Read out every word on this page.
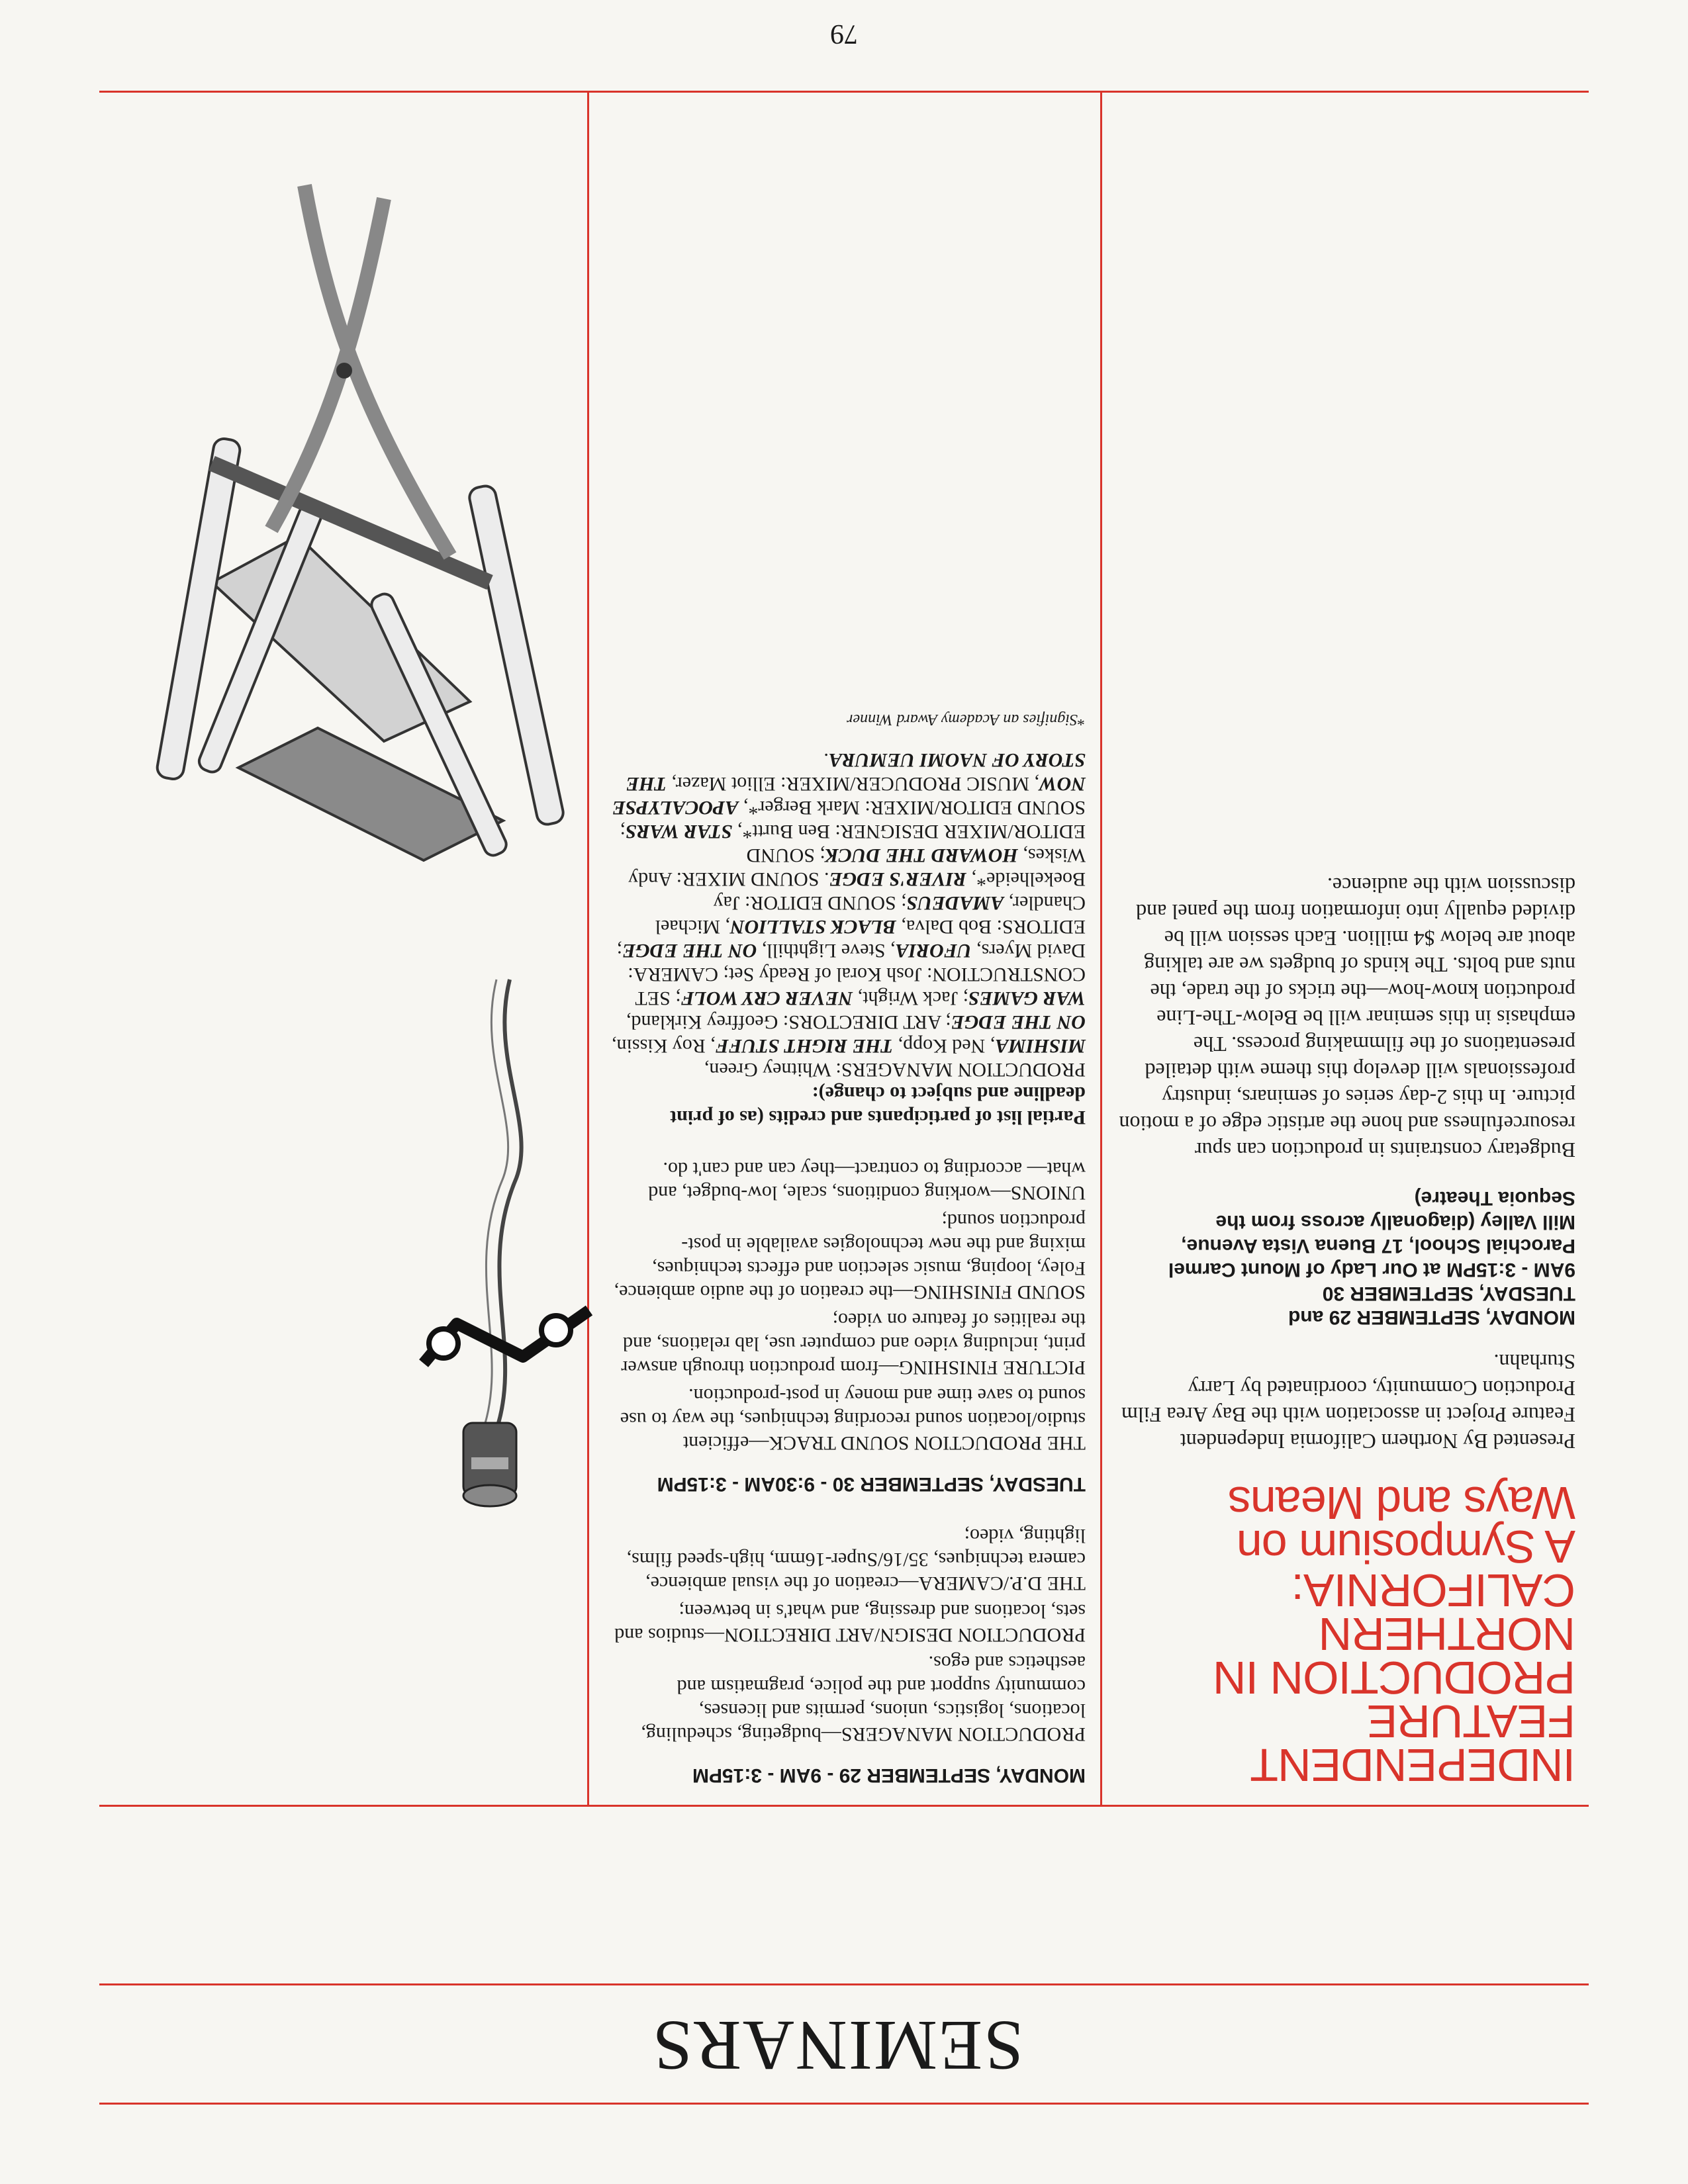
SEMINARS
INDEPENDENT FEATURE
PRODUCTION IN
NORTHERN CALIFORNIA:
A Symposium on
Ways and Means

Presented By Northern California Independent Feature Project in association with the Bay Area Film Production Community, coordinated by Larry Sturhahn.

MONDAY, SEPTEMBER 29 and
TUESDAY, SEPTEMBER 30
9AM - 3:15PM at Our Lady of Mount Carmel
Parochial School, 17 Buena Vista Avenue,
Mill Valley (diagonally across from the
Sequoia Theatre)

Budgetary constraints in production can spur resourcefulness and hone the artistic edge of a motion picture. In this 2-day series of seminars, industry professionals will develop this theme with detailed presentations of the filmmaking process. The emphasis in this seminar will be Below-The-Line production know-how—the tricks of the trade, the nuts and bolts. The kinds of budgets we are talking about are below $4 million. Each session will be divided equally into information from the panel and discussion with the audience.

MONDAY, SEPTEMBER 29 - 9AM - 3:15PM

PRODUCTION MANAGERS—budgeting, scheduling, locations, logistics, unions, permits and licenses, community support and the police, pragmatism and aesthetics and egos.

PRODUCTION DESIGN/ART DIRECTION—studios and sets, locations and dressing, and what's in between;

THE D.P./CAMERA—creation of the visual ambience, camera techniques, 35/16/Super-16mm, high-speed films, lighting, video;

TUESDAY, SEPTEMBER 30 - 9:30AM - 3:15PM

THE PRODUCTION SOUND TRACK—efficient studio/location sound recording techniques, the way to use sound to save time and money in post-production.

PICTURE FINISHING—from production through answer print, including video and computer use, lab relations, and the realities of feature on video;

SOUND FINISHING—the creation of the audio ambience, Foley, looping, music selection and effects techniques, mixing and the new technologies available in post-production sound;

UNIONS—working conditions, scale, low-budget, and what— according to contract—they can and can't do.

Partial list of participants and credits (as of print deadline and subject to change):

PRODUCTION MANAGERS: Whitney Green, MISHIMA, Ned Kopp, THE RIGHT STUFF, Roy Kissin, ON THE EDGE; ART DIRECTORS: Geoffrey Kirkland, WAR GAMES; Jack Wright, NEVER CRY WOLF; SET CONSTRUCTION: Josh Koral of Ready Set; CAMERA: David Myers, UFORIA, Steve Lighthill, ON THE EDGE; EDITORS: Bob Dalva, BLACK STALLION, Michael Chandler, AMADEUS; SOUND EDITOR: Jay Boekelheide*, RIVER'S EDGE. SOUND MIXER: Andy Wiskes, HOWARD THE DUCK; SOUND EDITOR/MIXER DESIGNER: Ben Burtt*, STAR WARS; SOUND EDITOR/MIXER: Mark Berger*, APOCALYPSE NOW, MUSIC PRODUCER/MIXER: Elliot Mazer, THE STORY OF NAOMI UEMURA.

*Signifies an Academy Award Winner
79
